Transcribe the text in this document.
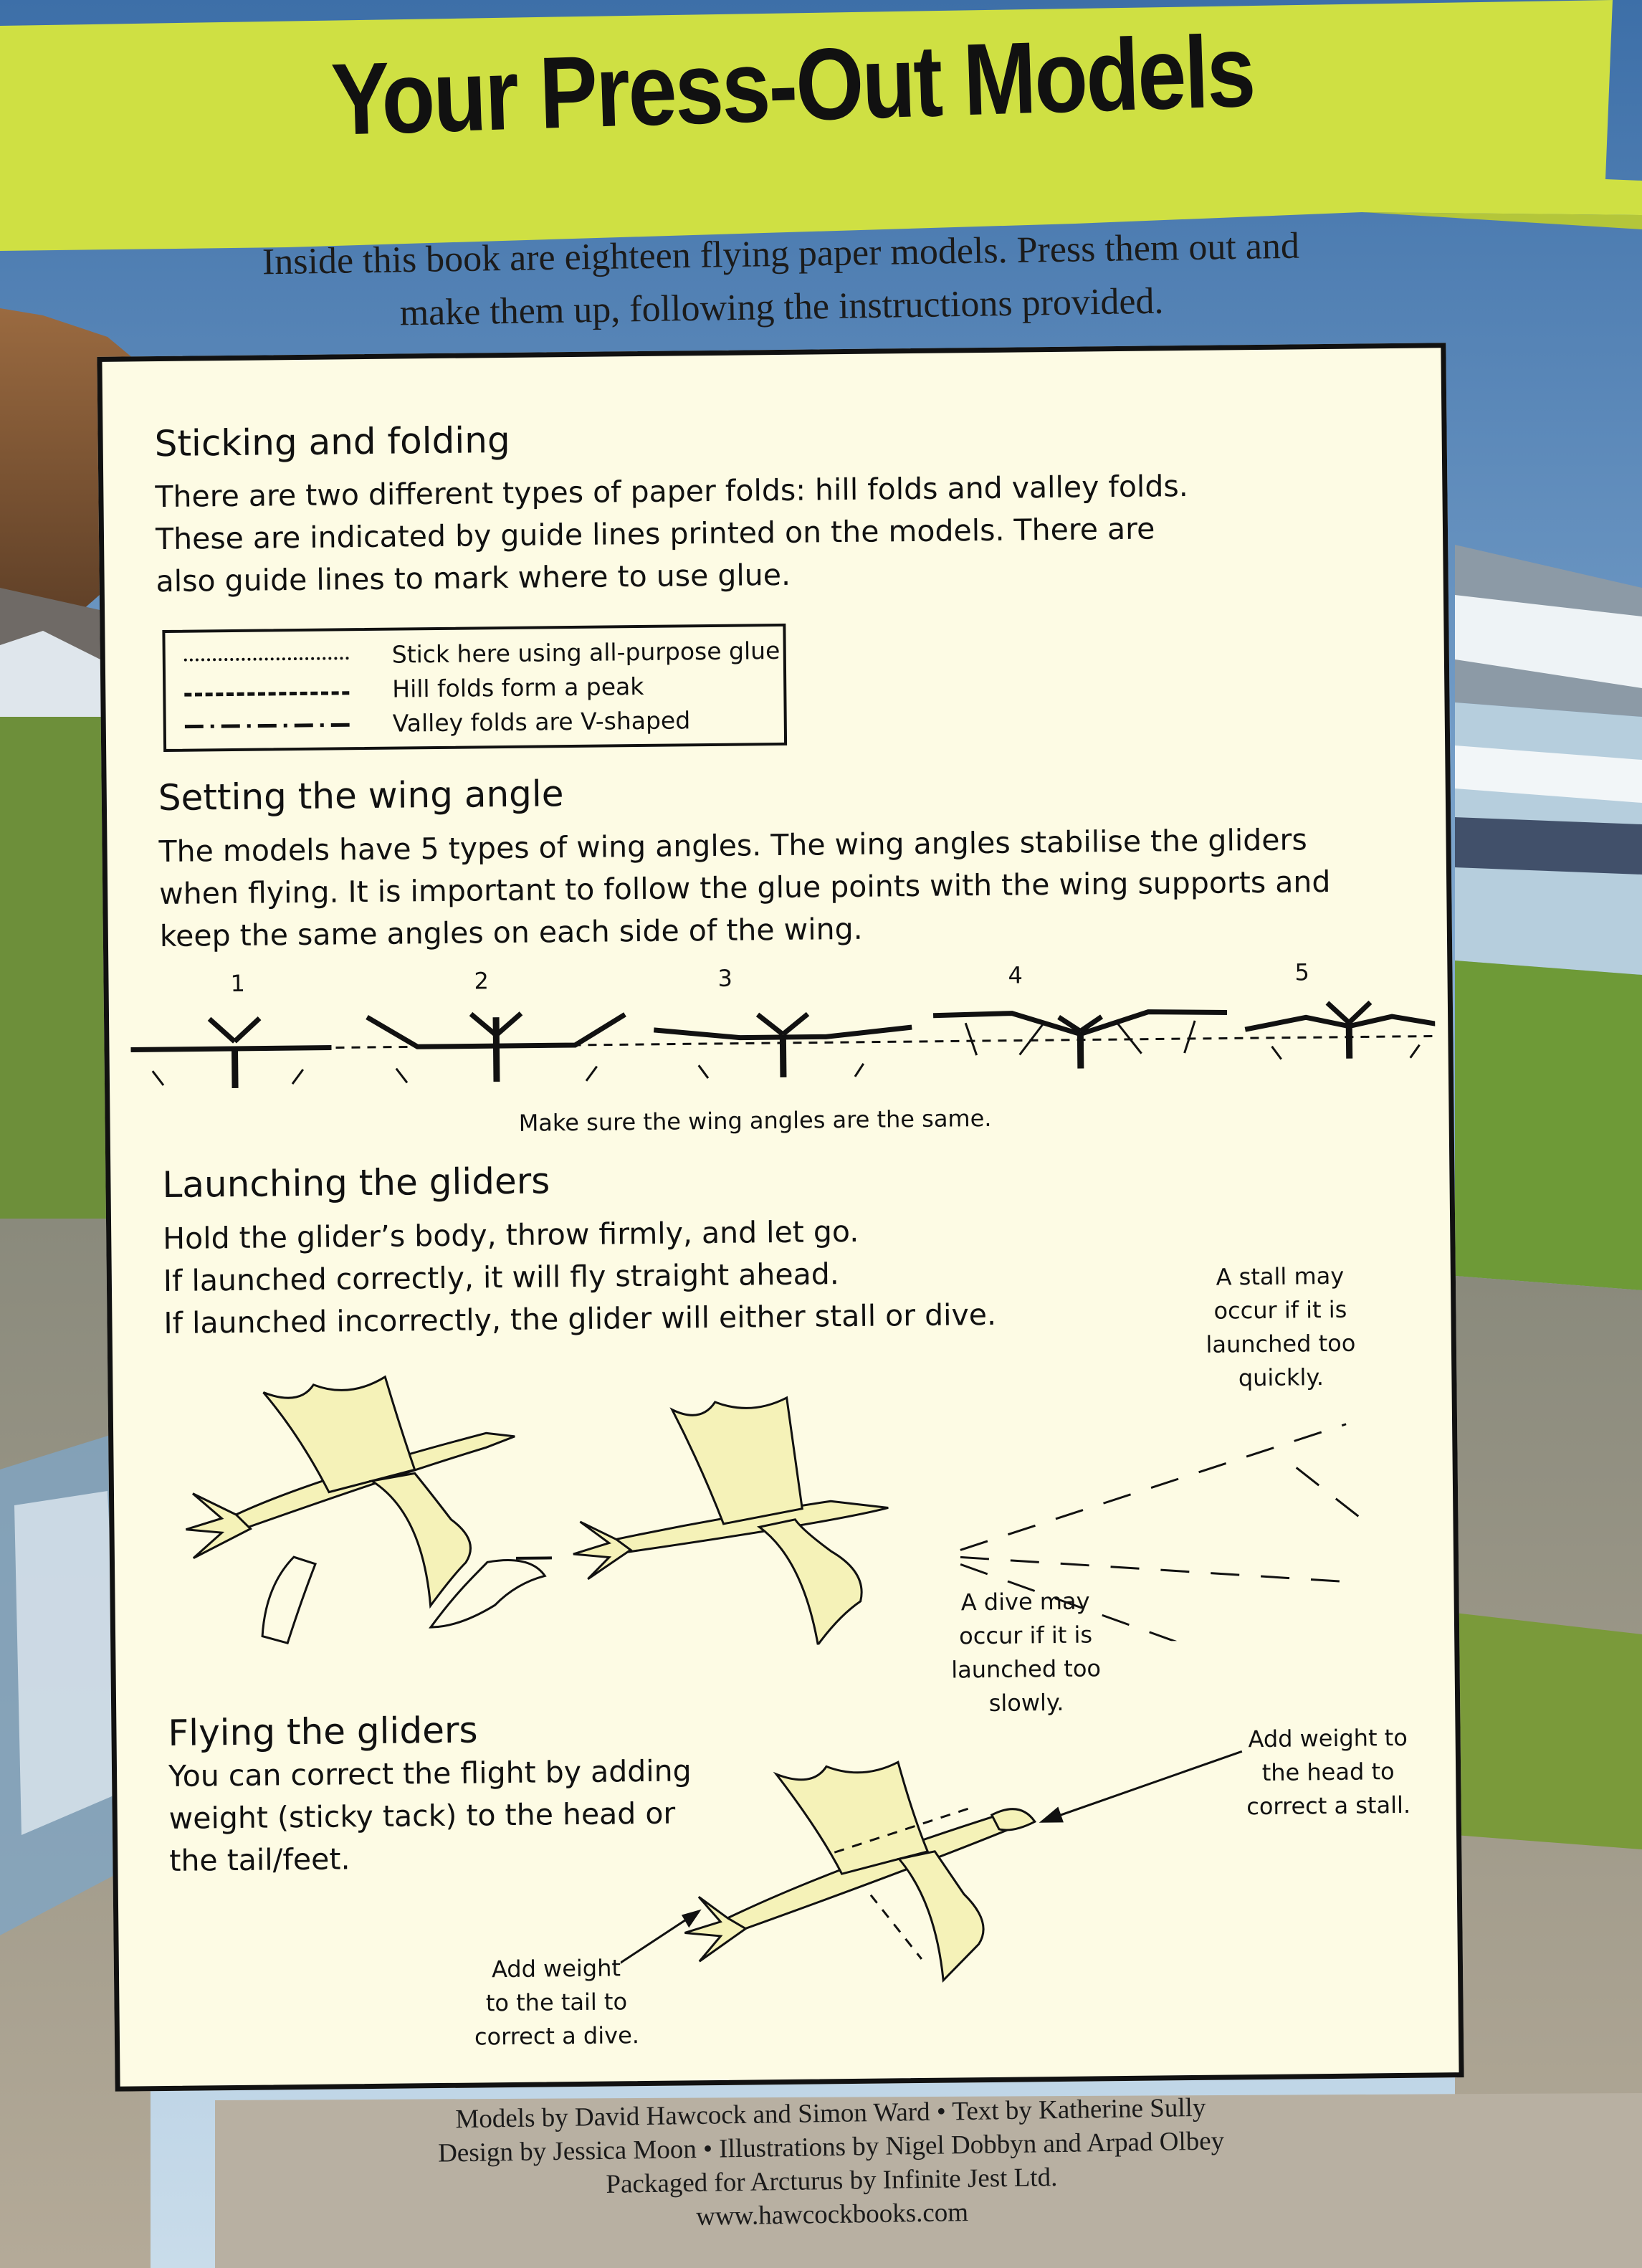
Your Press-Out Models
Inside this book are eighteen flying paper models. Press them out and
make them up, following the instructions provided.
Sticking and folding
There are two different types of paper folds: hill folds and valley folds.
These are indicated by guide lines printed on the models. There are
also guide lines to mark where to use glue.
Stick here using all-purpose glue
Hill folds form a peak
Valley folds are V-shaped
Setting the wing angle
The models have 5 types of wing angles. The wing angles stabilise the gliders
when flying. It is important to follow the glue points with the wing supports and
keep the same angles on each side of the wing.
1	2	3	4	5
Make sure the wing angles are the same.
Launching the gliders
Hold the glider’s body, throw firmly, and let go.
If launched correctly, it will fly straight ahead.
If launched incorrectly, the glider will either stall or dive.
A stall may
occur if it is
launched too
quickly.
A dive may
occur if it is
launched too
slowly.
Flying the gliders
You can correct the flight by adding
weight (sticky tack) to the head or
the tail/feet.
Add weight to
the head to
correct a stall.
Add weight
to the tail to
correct a dive.
Models by David Hawcock and Simon Ward • Text by Katherine Sully
Design by Jessica Moon • Illustrations by Nigel Dobbyn and Arpad Olbey
Packaged for Arcturus by Infinite Jest Ltd.
www.hawcockbooks.com
